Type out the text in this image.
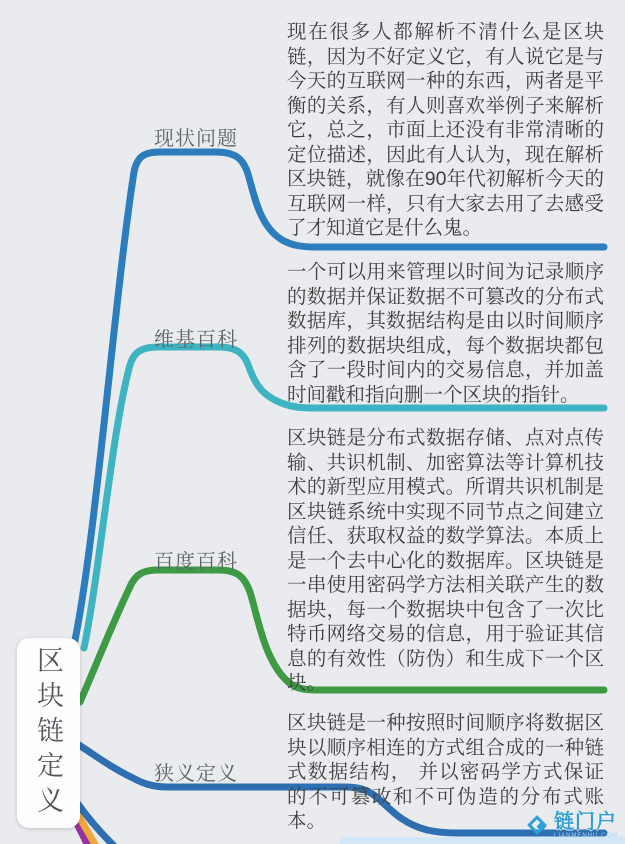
区块链定义
现状问题
维基百科
百度百科
狭义定义
现在很多人都解析不清什么是区块链，因为不好定义它，有人说它是与今天的互联网一种的东西，两者是平衡的关系，有人则喜欢举例子来解析它，总之，市面上还没有非常清晰的定位描述，因此有人认为，现在解析区块链，就像在90年代初解析今天的互联网一样，只有大家去用了去感受了才知道它是什么鬼。
一个可以用来管理以时间为记录顺序的数据并保证数据不可篡改的分布式数据库，其数据结构是由以时间顺序排列的数据块组成，每个数据块都包含了一段时间内的交易信息，并加盖时间戳和指向删一个区块的指针。
区块链是分布式数据存储、点对点传输、共识机制、加密算法等计算机技术的新型应用模式。所谓共识机制是区块链系统中实现不同节点之间建立信任、获取权益的数学算法。本质上是一个去中心化的数据库。区块链是一串使用密码学方法相关联产生的数据块，每一个数据块中包含了一次比特币网络交易的信息，用于验证其信息的有效性（防伪）和生成下一个区块。
区块链是一种按照时间顺序将数据区块以顺序相连的方式组合成的一种链式数据结构， 并以密码学方式保证的不可篡改和不可伪造的分布式账本。	链门户
LIANMENHU.COM
